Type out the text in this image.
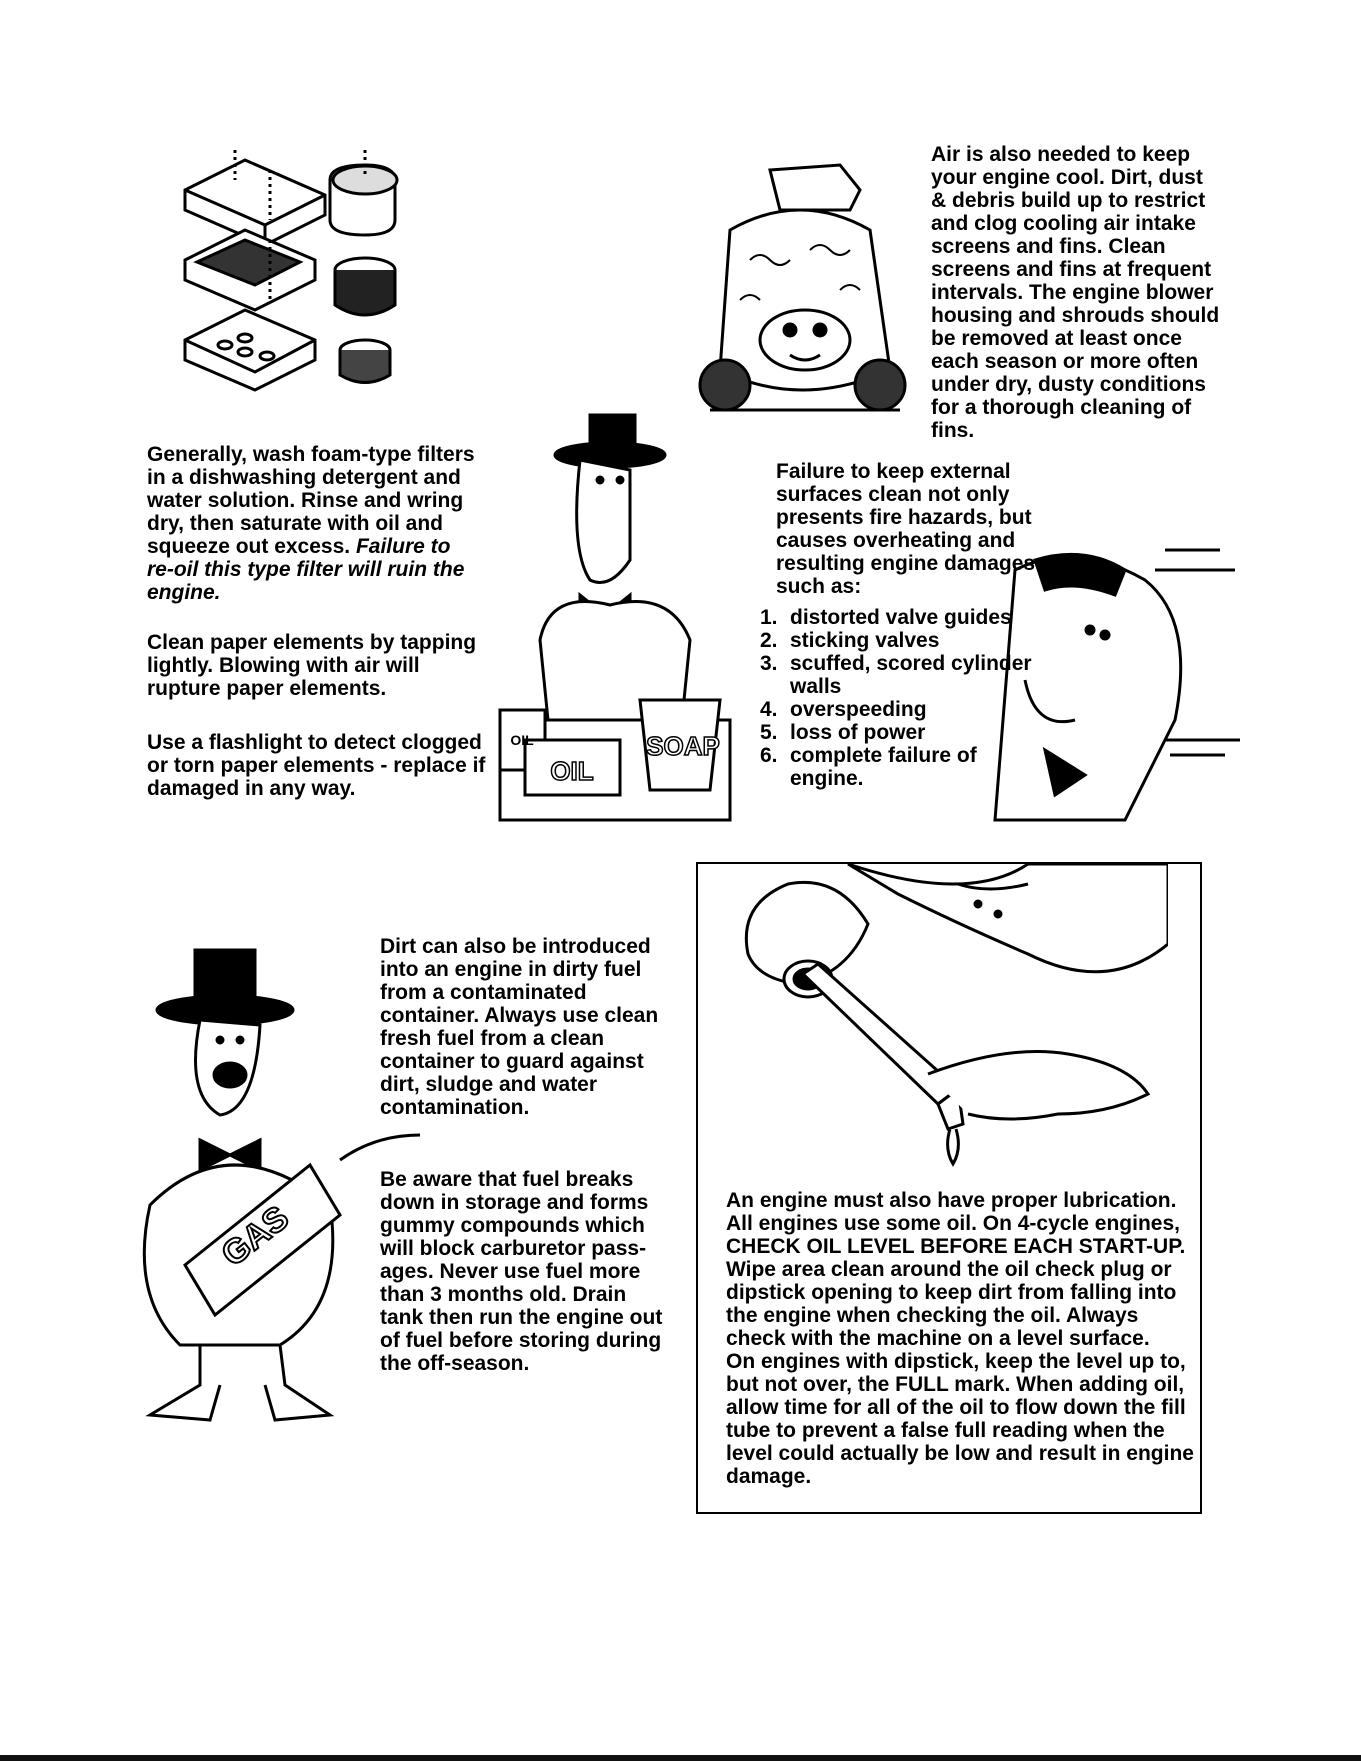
OIL
OIL
SOAP
GAS

Generally, wash foam-type filters

in a dishwashing detergent and

water solution. Rinse and wring

dry, then saturate with oil and

squeeze out excess. Failure to

re-oil this type filter will ruin the

engine.

Clean paper elements by tapping

lightly. Blowing with air will

rupture paper elements.

Use a flashlight to detect clogged

or torn paper elements - replace if

damaged in any way.

Air is also needed to keep

your engine cool. Dirt, dust

& debris build up to restrict

and clog cooling air intake

screens and fins. Clean

screens and fins at frequent

intervals. The engine blower

housing and shrouds should

be removed at least once

each season or more often

under dry, dusty conditions

for a thorough cleaning of

fins.

Failure to keep external

surfaces clean not only

presents fire hazards, but

causes overheating and

resulting engine damages

such as:

1. distorted valve guides
2. sticking valves
3. scuffed, scored cylinder
walls
4. overspeeding
5. loss of power
6. complete failure of
engine.

Dirt can also be introduced

into an engine in dirty fuel

from a contaminated

container. Always use clean

fresh fuel from a clean

container to guard against

dirt, sludge and water

contamination.

Be aware that fuel breaks

down in storage and forms

gummy compounds which

will block carburetor pass-

ages. Never use fuel more

than 3 months old. Drain

tank then run the engine out

of fuel before storing during

the off-season.

An engine must also have proper lubrication.

All engines use some oil. On 4-cycle engines,

CHECK OIL LEVEL BEFORE EACH START-UP.

Wipe area clean around the oil check plug or

dipstick opening to keep dirt from falling into

the engine when checking the oil. Always

check with the machine on a level surface.

On engines with dipstick, keep the level up to,

but not over, the FULL mark. When adding oil,

allow time for all of the oil to flow down the fill

tube to prevent a false full reading when the

level could actually be low and result in engine

damage.
